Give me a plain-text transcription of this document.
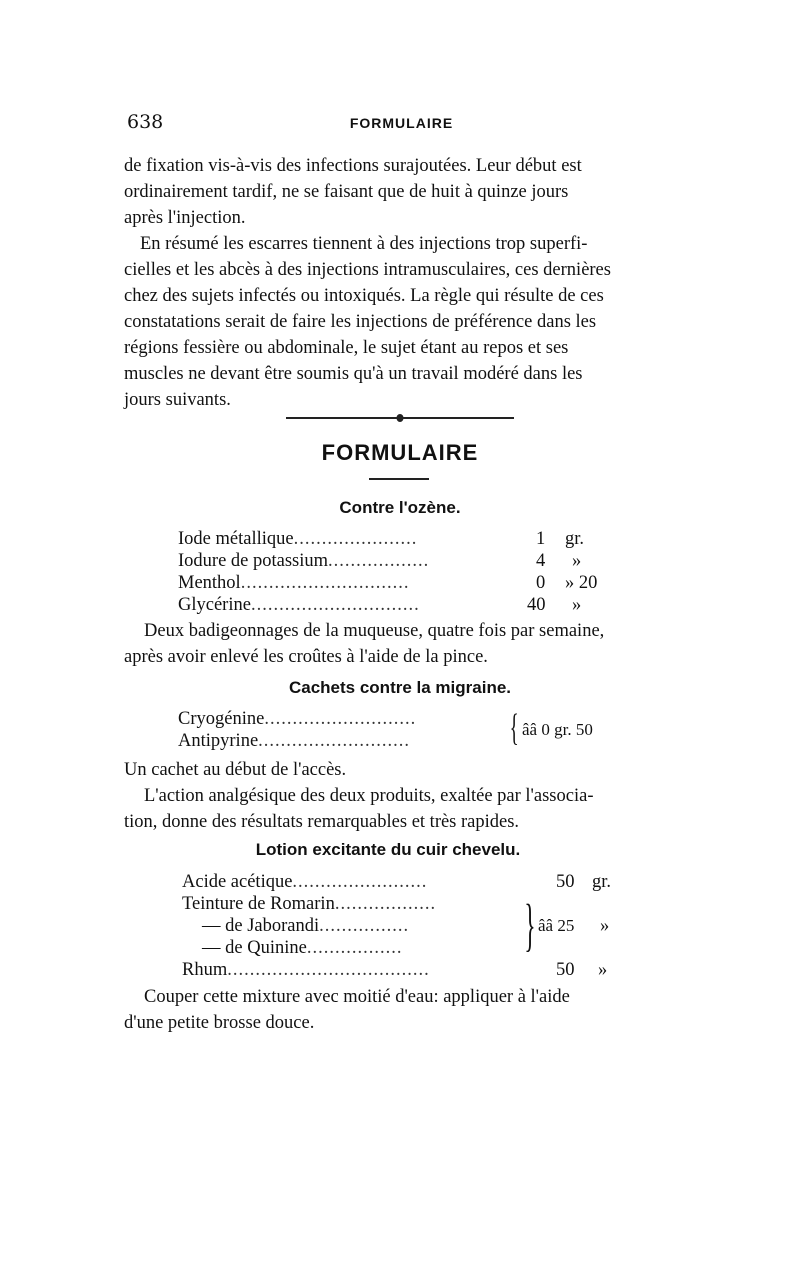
638	FORMULAIRE
de fixation vis-à-vis des infections surajoutées. Leur début est
ordinairement tardif, ne se faisant que de huit à quinze jours
après l'injection.
En résumé les escarres tiennent à des injections trop superfi-
cielles et les abcès à des injections intramusculaires, ces dernières
chez des sujets infectés ou intoxiqués. La règle qui résulte de ces
constatations serait de faire les injections de préférence dans les
régions fessière ou abdominale, le sujet étant au repos et ses
muscles ne devant être soumis qu'à un travail modéré dans les
jours suivants.
FORMULAIRE
Contre l'ozène.
Iode métallique......................	1 gr.
Iodure de potassium..................	4 »
Menthol..............................	0 » 20
Glycérine..............................	40 »
Deux badigeonnages de la muqueuse, quatre fois par semaine,
après avoir enlevé les croûtes à l'aide de la pince.
Cachets contre la migraine.
Cryogénine...........................
Antipyrine...........................	{ ââ 0 gr. 50
Un cachet au début de l'accès.
L'action analgésique des deux produits, exaltée par l'associa-
tion, donne des résultats remarquables et très rapides.
Lotion excitante du cuir chevelu.
Acide acétique........................	50 gr.
Teinture de Romarin..................
— de Jaborandi................
— de Quinine................. } ââ 25 »
Rhum....................................	50 »
Couper cette mixture avec moitié d'eau: appliquer à l'aide
d'une petite brosse douce.
